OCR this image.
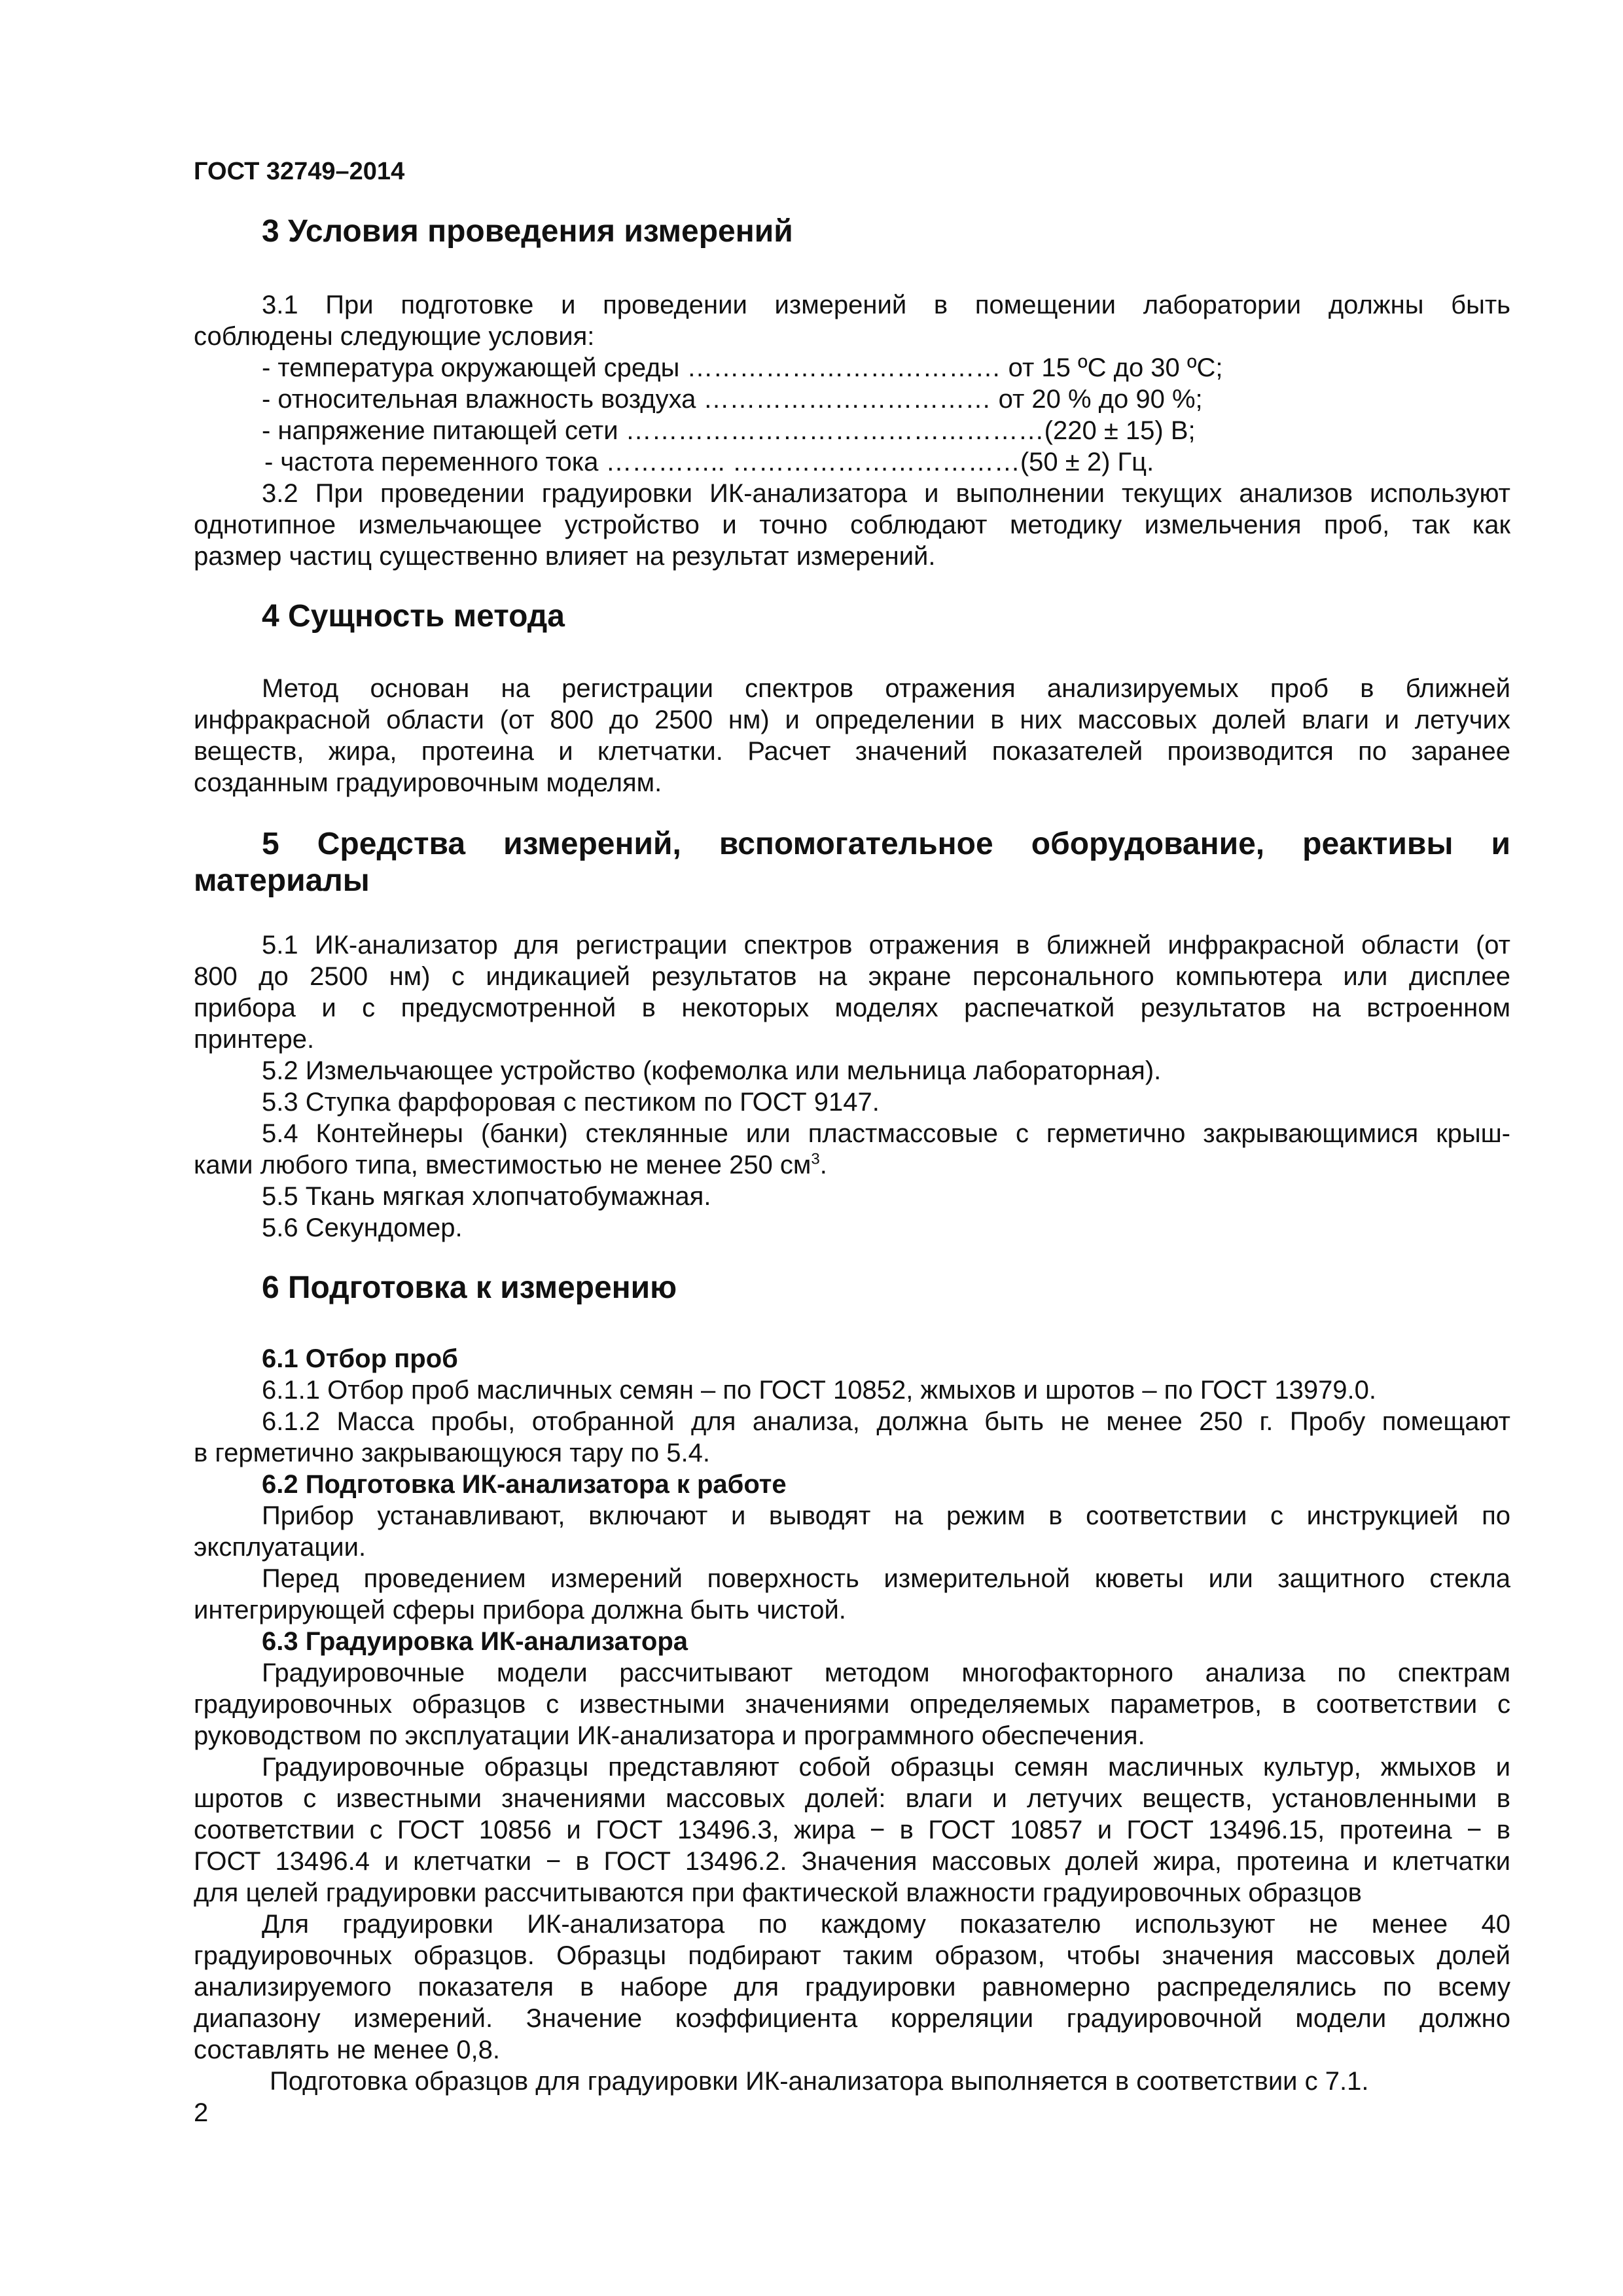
ГОСТ 32749–2014

3 Условия проведения измерений

3.1 При подготовке и проведении измерений в помещении лаборатории должны быть

соблюдены следующие условия:

- температура окружающей среды ……………………………… от 15 ºС до 30 ºС;

- относительная влажность воздуха …………………………… от 20 % до 90 %;

- напряжение питающей сети …………………………………………(220 ± 15) В;

- частота переменного тока ………….. ……………………………(50 ± 2) Гц.

3.2 При проведении градуировки ИК-анализатора и выполнении текущих анализов используют

однотипное измельчающее устройство и точно соблюдают методику измельчения проб, так как

размер частиц существенно влияет на результат измерений.

4 Сущность метода

Метод основан на регистрации спектров отражения анализируемых проб в ближней

инфракрасной области (от 800 до 2500 нм) и определении в них массовых долей влаги и летучих

веществ, жира, протеина и клетчатки. Расчет значений показателей производится по заранее

созданным градуировочным моделям.

5 Средства измерений, вспомогательное оборудование, реактивы и

материалы

5.1 ИК-анализатор для регистрации спектров отражения в ближней инфракрасной области (от

800 до 2500 нм) с индикацией результатов на экране персонального компьютера или дисплее

прибора и с предусмотренной в некоторых моделях распечаткой результатов на встроенном

принтере.

5.2 Измельчающее устройство (кофемолка или мельница лабораторная).

5.3 Ступка фарфоровая с пестиком по ГОСТ 9147.

5.4 Контейнеры (банки) стеклянные или пластмассовые с герметично закрывающимися крыш-

ками любого типа, вместимостью не менее 250 $см^3$.

5.5 Ткань мягкая хлопчатобумажная.

5.6 Секундомер.

6 Подготовка к измерению

6.1 Отбор проб

6.1.1 Отбор проб масличных семян – по ГОСТ 10852, жмыхов и шротов – по ГОСТ 13979.0.

6.1.2 Масса пробы, отобранной для анализа, должна быть не менее 250 г. Пробу помещают

в герметично закрывающуюся тару по 5.4.

6.2 Подготовка ИК-анализатора к работе

Прибор устанавливают, включают и выводят на режим в соответствии с инструкцией по

эксплуатации.

Перед проведением измерений поверхность измерительной кюветы или защитного стекла

интегрирующей сферы прибора должна быть чистой.

6.3 Градуировка ИК-анализатора

Градуировочные модели рассчитывают методом многофакторного анализа по спектрам

градуировочных образцов с известными значениями определяемых параметров, в соответствии с

руководством по эксплуатации ИК-анализатора и программного обеспечения.

Градуировочные образцы представляют собой образцы семян масличных культур, жмыхов и

шротов с известными значениями массовых долей: влаги и летучих веществ, установленными в

соответствии с ГОСТ 10856 и ГОСТ 13496.3, жира − в ГОСТ 10857 и ГОСТ 13496.15, протеина − в

ГОСТ 13496.4 и клетчатки − в ГОСТ 13496.2. Значения массовых долей жира, протеина и клетчатки

для целей градуировки рассчитываются при фактической влажности градуировочных образцов

Для градуировки ИК-анализатора по каждому показателю используют не менее 40

градуировочных образцов. Образцы подбирают таким образом, чтобы значения массовых долей

анализируемого показателя в наборе для градуировки равномерно распределялись по всему

диапазону измерений. Значение коэффициента корреляции градуировочной модели должно

составлять не менее 0,8.

Подготовка образцов для градуировки ИК-анализатора выполняется в соответствии с 7.1.

2
